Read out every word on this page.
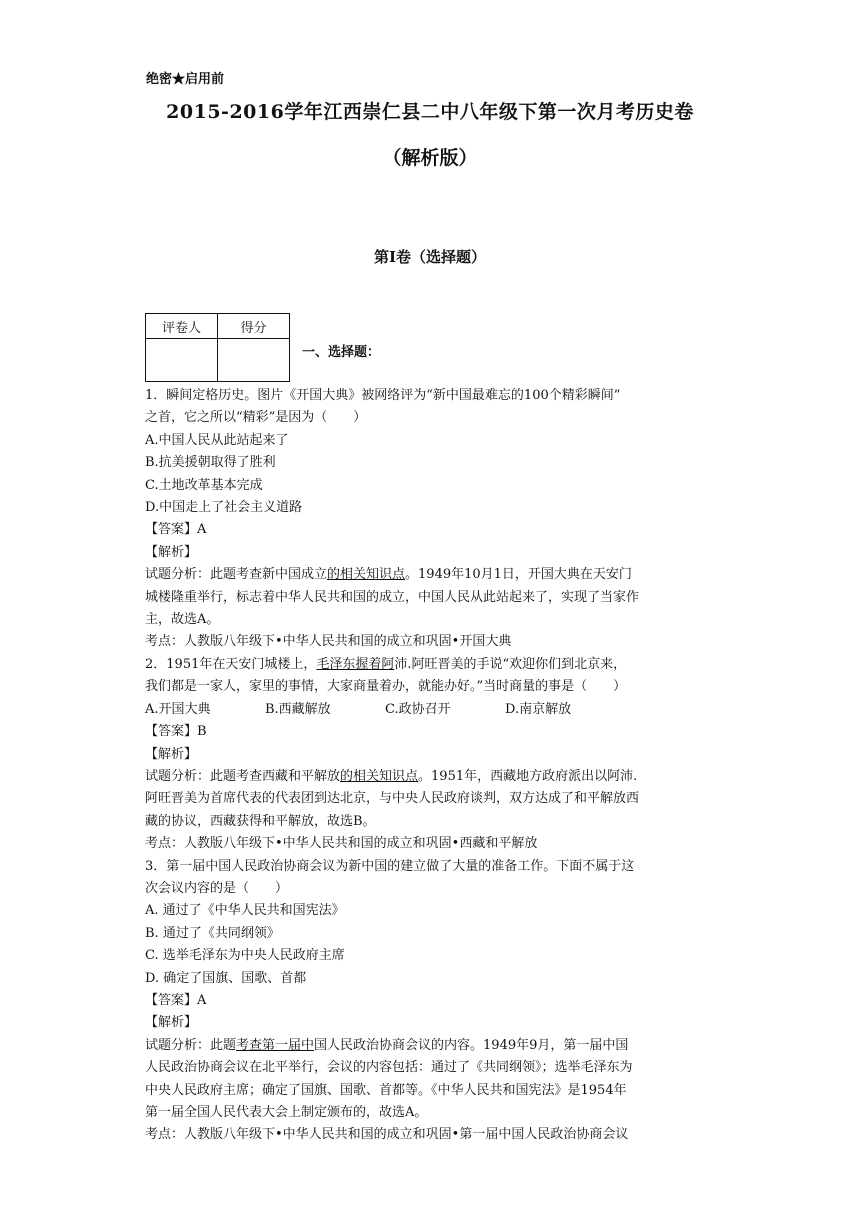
绝密★启用前
2015-2016学年江西崇仁县二中八年级下第一次月考历史卷
（解析版）
第I卷（选择题）
评卷人	得分

一、选择题：

1．瞬间定格历史。图片《开国大典》被网络评为“新中国最难忘的100个精彩瞬间”

之首，它之所以“精彩”是因为（　　）

A.中国人民从此站起来了

B.抗美援朝取得了胜利

C.土地改革基本完成

D.中国走上了社会主义道路

【答案】A

【解析】

试题分析：此题考查新中国成立的相关知识点。1949年10月1日，开国大典在天安门

城楼隆重举行，标志着中华人民共和国的成立，中国人民从此站起来了，实现了当家作

主，故选A。

考点：人教版八年级下•中华人民共和国的成立和巩固•开国大典

2．1951年在天安门城楼上，毛泽东握着阿沛.阿旺晋美的手说“欢迎你们到北京来，

我们都是一家人，家里的事情，大家商量着办，就能办好。”当时商量的事是（　　）

A.开国大典	B.西藏解放	C.政协召开	D.南京解放

【答案】B

【解析】

试题分析：此题考查西藏和平解放的相关知识点。1951年，西藏地方政府派出以阿沛.

阿旺晋美为首席代表的代表团到达北京，与中央人民政府谈判，双方达成了和平解放西

藏的协议，西藏获得和平解放，故选B。

考点：人教版八年级下•中华人民共和国的成立和巩固•西藏和平解放

3．第一届中国人民政治协商会议为新中国的建立做了大量的准备工作。下面不属于这

次会议内容的是（　　）

A. 通过了《中华人民共和国宪法》

B. 通过了《共同纲领》

C. 选举毛泽东为中央人民政府主席

D. 确定了国旗、国歌、首都

【答案】A

【解析】

试题分析：此题考查第一届中国人民政治协商会议的内容。1949年9月，第一届中国

人民政治协商会议在北平举行，会议的内容包括：通过了《共同纲领》；选举毛泽东为

中央人民政府主席；确定了国旗、国歌、首都等。《中华人民共和国宪法》是1954年

第一届全国人民代表大会上制定颁布的，故选A。

考点：人教版八年级下•中华人民共和国的成立和巩固•第一届中国人民政治协商会议
